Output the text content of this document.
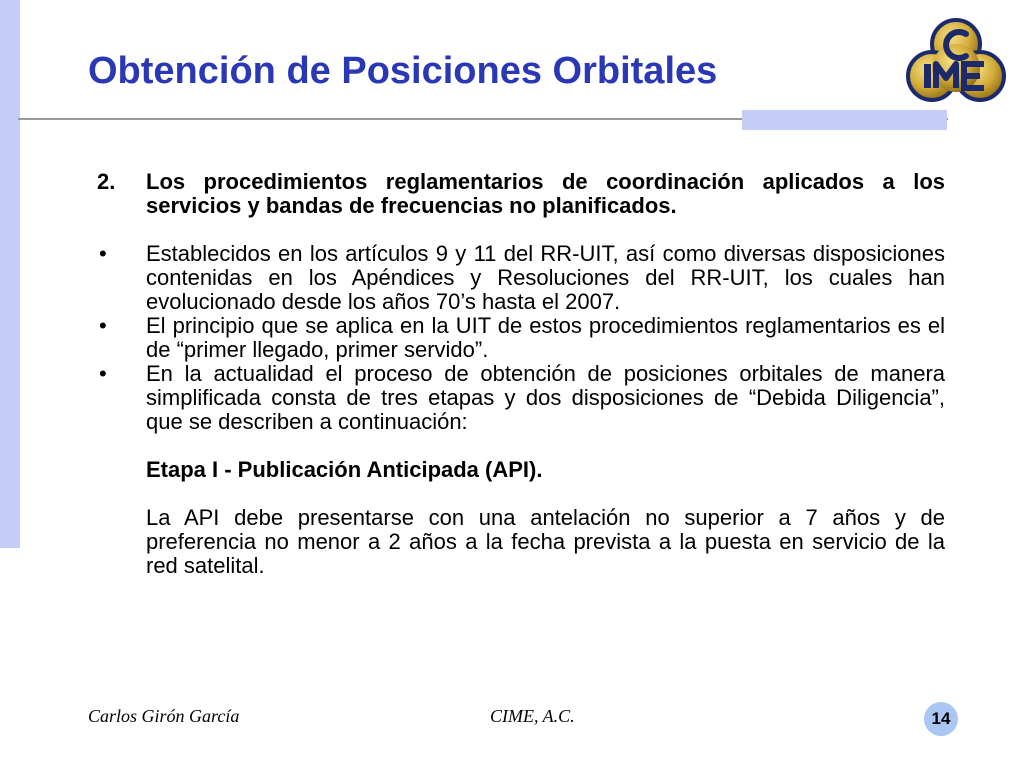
Obtención de Posiciones Orbitales
2.	Los procedimientos reglamentarios de coordinación aplicados a los servicios y bandas de frecuencias no planificados.
•	Establecidos en los artículos 9 y 11 del RR-UIT, así como diversas disposiciones contenidas en los Apéndices y Resoluciones del RR-UIT, los cuales han evolucionado desde los años 70’s hasta el 2007.
•	El principio que se aplica en la UIT de estos procedimientos reglamentarios es el de “primer llegado, primer servido”.
•	En la actualidad el proceso de obtención de posiciones orbitales de manera simplificada consta de tres etapas y dos disposiciones de “Debida Diligencia”, que se describen a continuación:
Etapa I - Publicación Anticipada (API).
La API debe presentarse con una antelación no superior a 7 años y de preferencia no menor a 2 años a la fecha prevista a la puesta en servicio de la red satelital.
Carlos Girón García	CIME, A.C.	14
